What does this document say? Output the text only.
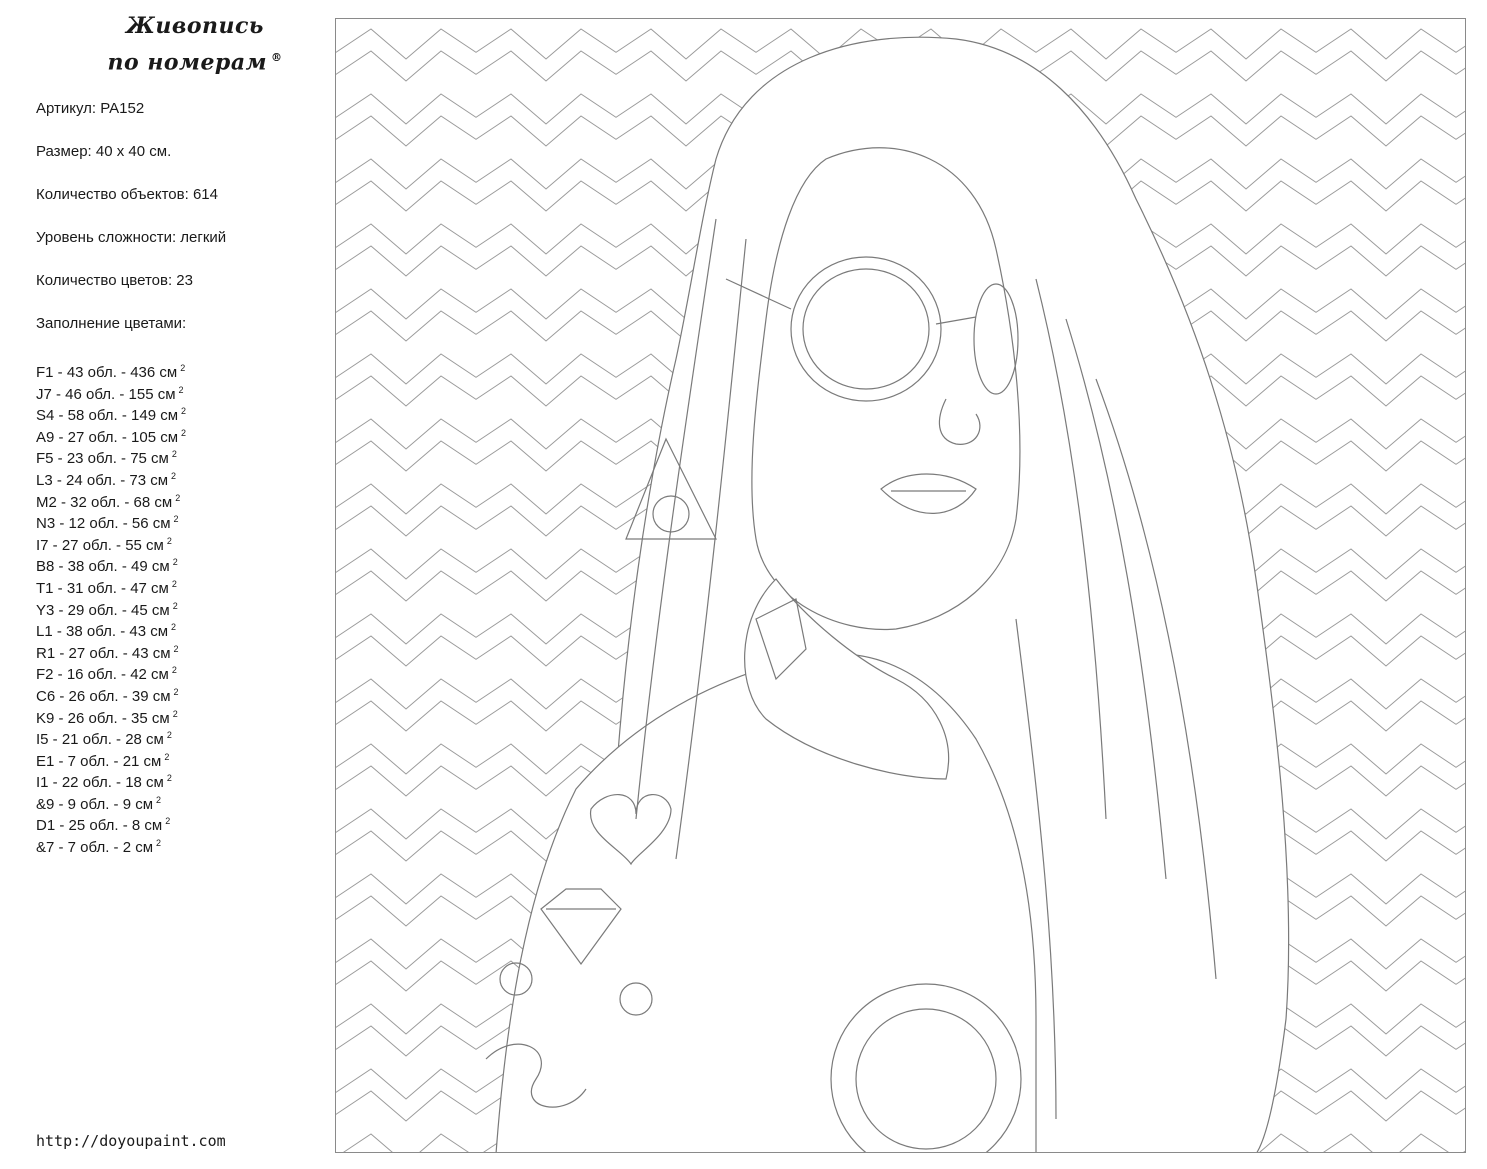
Живопись
по номерам ®
Артикул: PA152
Размер: 40 х 40 см.
Количество объектов: 614
Уровень сложности: легкий
Количество цветов: 23
Заполнение цветами:
F1 - 43 обл. - 436 см $^2$
J7 - 46 обл. - 155 см $^2$
S4 - 58 обл. - 149 см $^2$
A9 - 27 обл. - 105 см $^2$
F5 - 23 обл. - 75 см $^2$
L3 - 24 обл. - 73 см $^2$
M2 - 32 обл. - 68 см $^2$
N3 - 12 обл. - 56 см $^2$
I7 - 27 обл. - 55 см $^2$
B8 - 38 обл. - 49 см $^2$
T1 - 31 обл. - 47 см $^2$
Y3 - 29 обл. - 45 см $^2$
L1 - 38 обл. - 43 см $^2$
R1 - 27 обл. - 43 см $^2$
F2 - 16 обл. - 42 см $^2$
C6 - 26 обл. - 39 см $^2$
K9 - 26 обл. - 35 см $^2$
I5 - 21 обл. - 28 см $^2$
E1 - 7 обл. - 21 см $^2$
I1 - 22 обл. - 18 см $^2$
&9 - 9 обл. - 9 см $^2$
D1 - 25 обл. - 8 см $^2$
&7 - 7 обл. - 2 см $^2$
http://doyoupaint.com
